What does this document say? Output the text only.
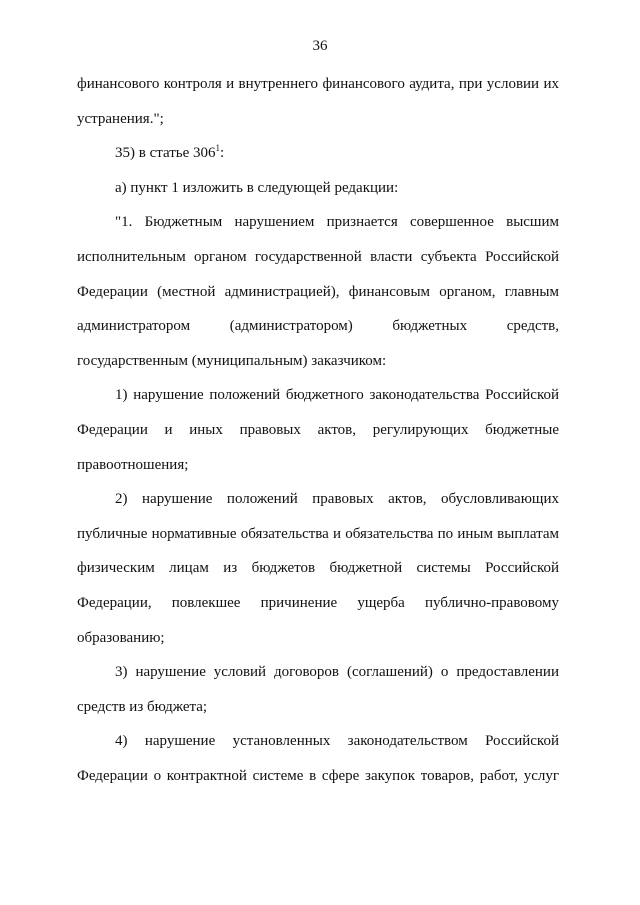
36
финансового контроля и внутреннего финансового аудита, при условии их
устранения.";
35) в статье $306^1$:
а) пункт 1 изложить в следующей редакции:
"1. Бюджетным нарушением признается совершенное высшим
исполнительным органом государственной власти субъекта Российской
Федерации (местной администрацией), финансовым органом, главным
администратором (администратором) бюджетных средств,
государственным (муниципальным) заказчиком:
1) нарушение положений бюджетного законодательства Российской
Федерации и иных правовых актов, регулирующих бюджетные
правоотношения;
2) нарушение положений правовых актов, обусловливающих
публичные нормативные обязательства и обязательства по иным выплатам
физическим лицам из бюджетов бюджетной системы Российской
Федерации, повлекшее причинение ущерба публично-правовому
образованию;
3) нарушение условий договоров (соглашений) о предоставлении
средств из бюджета;
4) нарушение установленных законодательством Российской
Федерации о контрактной системе в сфере закупок товаров, работ, услуг
